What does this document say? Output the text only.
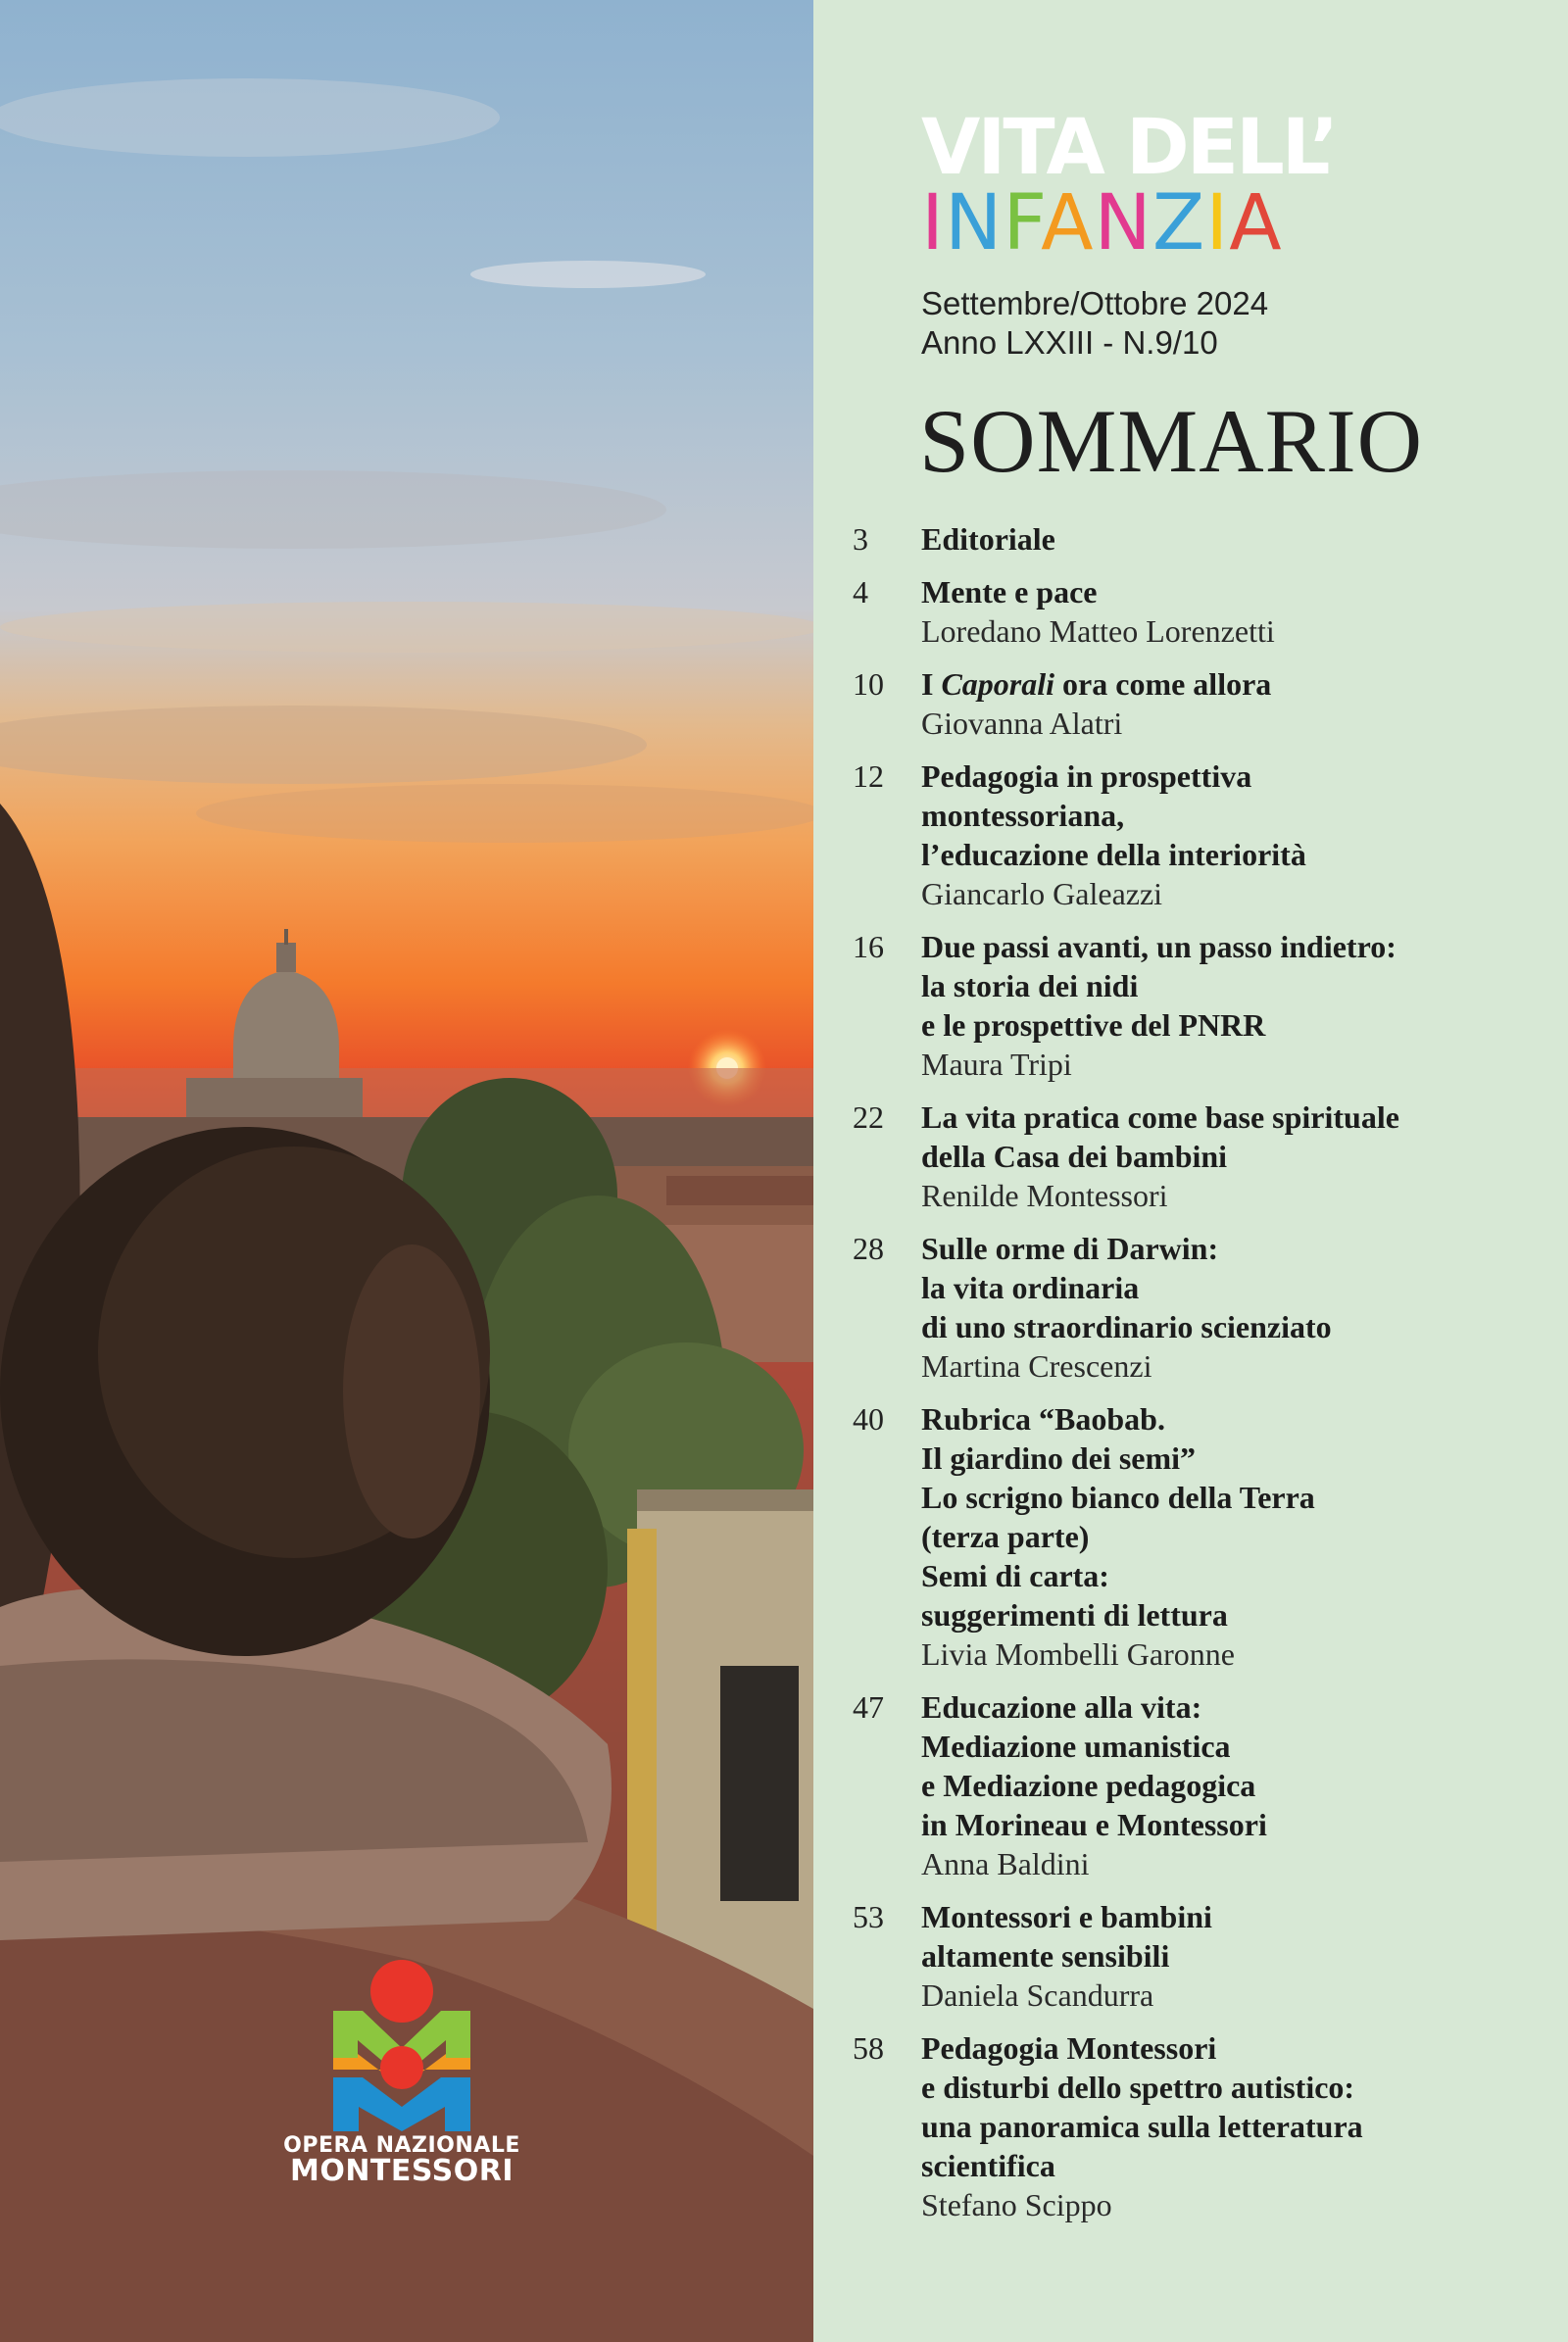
OPERA NAZIONALE
MONTESSORI
VITA DELL’
INFANZIA
Settembre/Ottobre 2024
Anno LXXIII - N.9/10
SOMMARIO
3 Editoriale
4 Mente e pace
Loredano Matteo Lorenzetti
10 I Caporali ora come allora
Giovanna Alatri
12 Pedagogia in prospettiva
montessoriana,
l’educazione della interiorità
Giancarlo Galeazzi
16 Due passi avanti, un passo indietro:
la storia dei nidi
e le prospettive del PNRR
Maura Tripi
22 La vita pratica come base spirituale
della Casa dei bambini
Renilde Montessori
28 Sulle orme di Darwin:
la vita ordinaria
di uno straordinario scienziato
Martina Crescenzi
40 Rubrica “Baobab.
Il giardino dei semi”
Lo scrigno bianco della Terra
(terza parte)
Semi di carta:
suggerimenti di lettura
Livia Mombelli Garonne
47 Educazione alla vita:
Mediazione umanistica
e Mediazione pedagogica
in Morineau e Montessori
Anna Baldini
53 Montessori e bambini
altamente sensibili
Daniela Scandurra
58 Pedagogia Montessori
e disturbi dello spettro autistico:
una panoramica sulla letteratura
scientifica
Stefano Scippo
